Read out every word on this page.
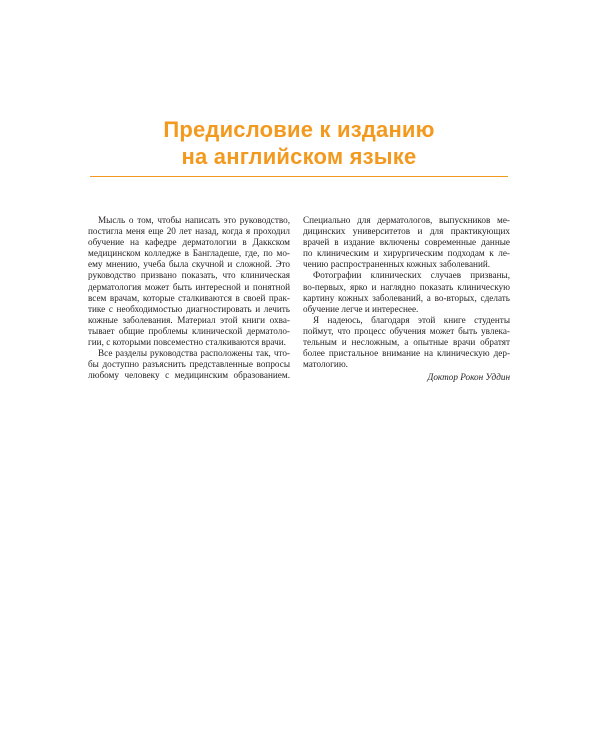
Предисловие к изданию
на английском языке
Мысль о том, чтобы написать это руководство,
постигла меня еще 20 лет назад, когда я проходил
обучение на кафедре дерматологии в Даккском
медицинском колледже в Бангладеше, где, по мо-
ему мнению, учеба была скучной и сложной. Это
руководство призвано показать, что клиническая
дерматология может быть интересной и понятной
всем врачам, которые сталкиваются в своей прак-
тике с необходимостью диагностировать и лечить
кожные заболевания. Материал этой книги охва-
тывает общие проблемы клинической дерматоло-
гии, с которыми повсеместно сталкиваются врачи.
Все разделы руководства расположены так, что-
бы доступно разъяснить представленные вопросы
любому человеку с медицинским образованием.
Специально для дерматологов, выпускников ме-
дицинских университетов и для практикующих
врачей в издание включены современные данные
по клиническим и хирургическим подходам к ле-
чению распространенных кожных заболеваний.
Фотографии клинических случаев призваны,
во-первых, ярко и наглядно показать клиническую
картину кожных заболеваний, а во-вторых, сделать
обучение легче и интереснее.
Я надеюсь, благодаря этой книге студенты
поймут, что процесс обучения может быть увлека-
тельным и несложным, а опытные врачи обратят
более пристальное внимание на клиническую дер-
матологию.
Доктор Рокон Уддин
